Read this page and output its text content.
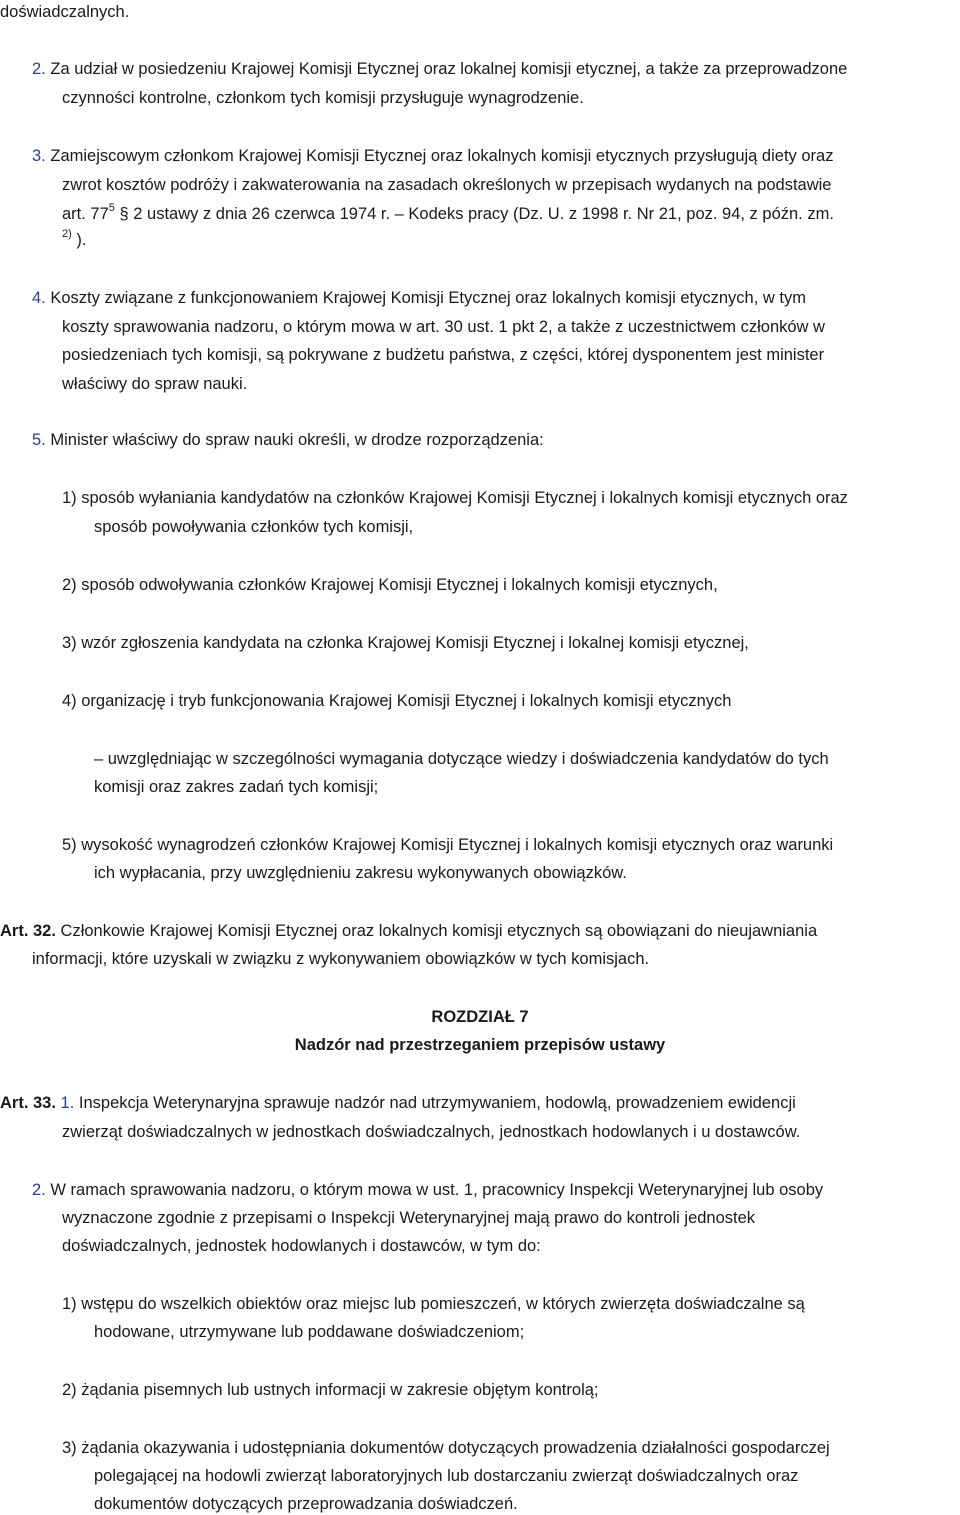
doświadczalnych.
2. Za udział w posiedzeniu Krajowej Komisji Etycznej oraz lokalnej komisji etycznej, a także za przeprowadzone
czynności kontrolne, członkom tych komisji przysługuje wynagrodzenie.
3. Zamiejscowym członkom Krajowej Komisji Etycznej oraz lokalnych komisji etycznych przysługują diety oraz
zwrot kosztów podróży i zakwaterowania na zasadach określonych w przepisach wydanych na podstawie
art. $77^5$ § 2 ustawy z dnia 26 czerwca 1974 r. – Kodeks pracy (Dz. U. z 1998 r. Nr 21, poz. 94, z późn. zm.
$^{2)}$ ).
4. Koszty związane z funkcjonowaniem Krajowej Komisji Etycznej oraz lokalnych komisji etycznych, w tym
koszty sprawowania nadzoru, o którym mowa w art. 30 ust. 1 pkt 2, a także z uczestnictwem członków w
posiedzeniach tych komisji, są pokrywane z budżetu państwa, z części, której dysponentem jest minister
właściwy do spraw nauki.
5. Minister właściwy do spraw nauki określi, w drodze rozporządzenia:
1) sposób wyłaniania kandydatów na członków Krajowej Komisji Etycznej i lokalnych komisji etycznych oraz
sposób powoływania członków tych komisji,
2) sposób odwoływania członków Krajowej Komisji Etycznej i lokalnych komisji etycznych,
3) wzór zgłoszenia kandydata na członka Krajowej Komisji Etycznej i lokalnej komisji etycznej,
4) organizację i tryb funkcjonowania Krajowej Komisji Etycznej i lokalnych komisji etycznych
– uwzględniając w szczególności wymagania dotyczące wiedzy i doświadczenia kandydatów do tych
komisji oraz zakres zadań tych komisji;
5) wysokość wynagrodzeń członków Krajowej Komisji Etycznej i lokalnych komisji etycznych oraz warunki
ich wypłacania, przy uwzględnieniu zakresu wykonywanych obowiązków.
Art. 32. Członkowie Krajowej Komisji Etycznej oraz lokalnych komisji etycznych są obowiązani do nieujawniania
informacji, które uzyskali w związku z wykonywaniem obowiązków w tych komisjach.
ROZDZIAŁ 7
Nadzór nad przestrzeganiem przepisów ustawy
Art. 33. 1. Inspekcja Weterynaryjna sprawuje nadzór nad utrzymywaniem, hodowlą, prowadzeniem ewidencji
zwierząt doświadczalnych w jednostkach doświadczalnych, jednostkach hodowlanych i u dostawców.
2. W ramach sprawowania nadzoru, o którym mowa w ust. 1, pracownicy Inspekcji Weterynaryjnej lub osoby
wyznaczone zgodnie z przepisami o Inspekcji Weterynaryjnej mają prawo do kontroli jednostek
doświadczalnych, jednostek hodowlanych i dostawców, w tym do:
1) wstępu do wszelkich obiektów oraz miejsc lub pomieszczeń, w których zwierzęta doświadczalne są
hodowane, utrzymywane lub poddawane doświadczeniom;
2) żądania pisemnych lub ustnych informacji w zakresie objętym kontrolą;
3) żądania okazywania i udostępniania dokumentów dotyczących prowadzenia działalności gospodarczej
polegającej na hodowli zwierząt laboratoryjnych lub dostarczaniu zwierząt doświadczalnych oraz
dokumentów dotyczących przeprowadzania doświadczeń.
